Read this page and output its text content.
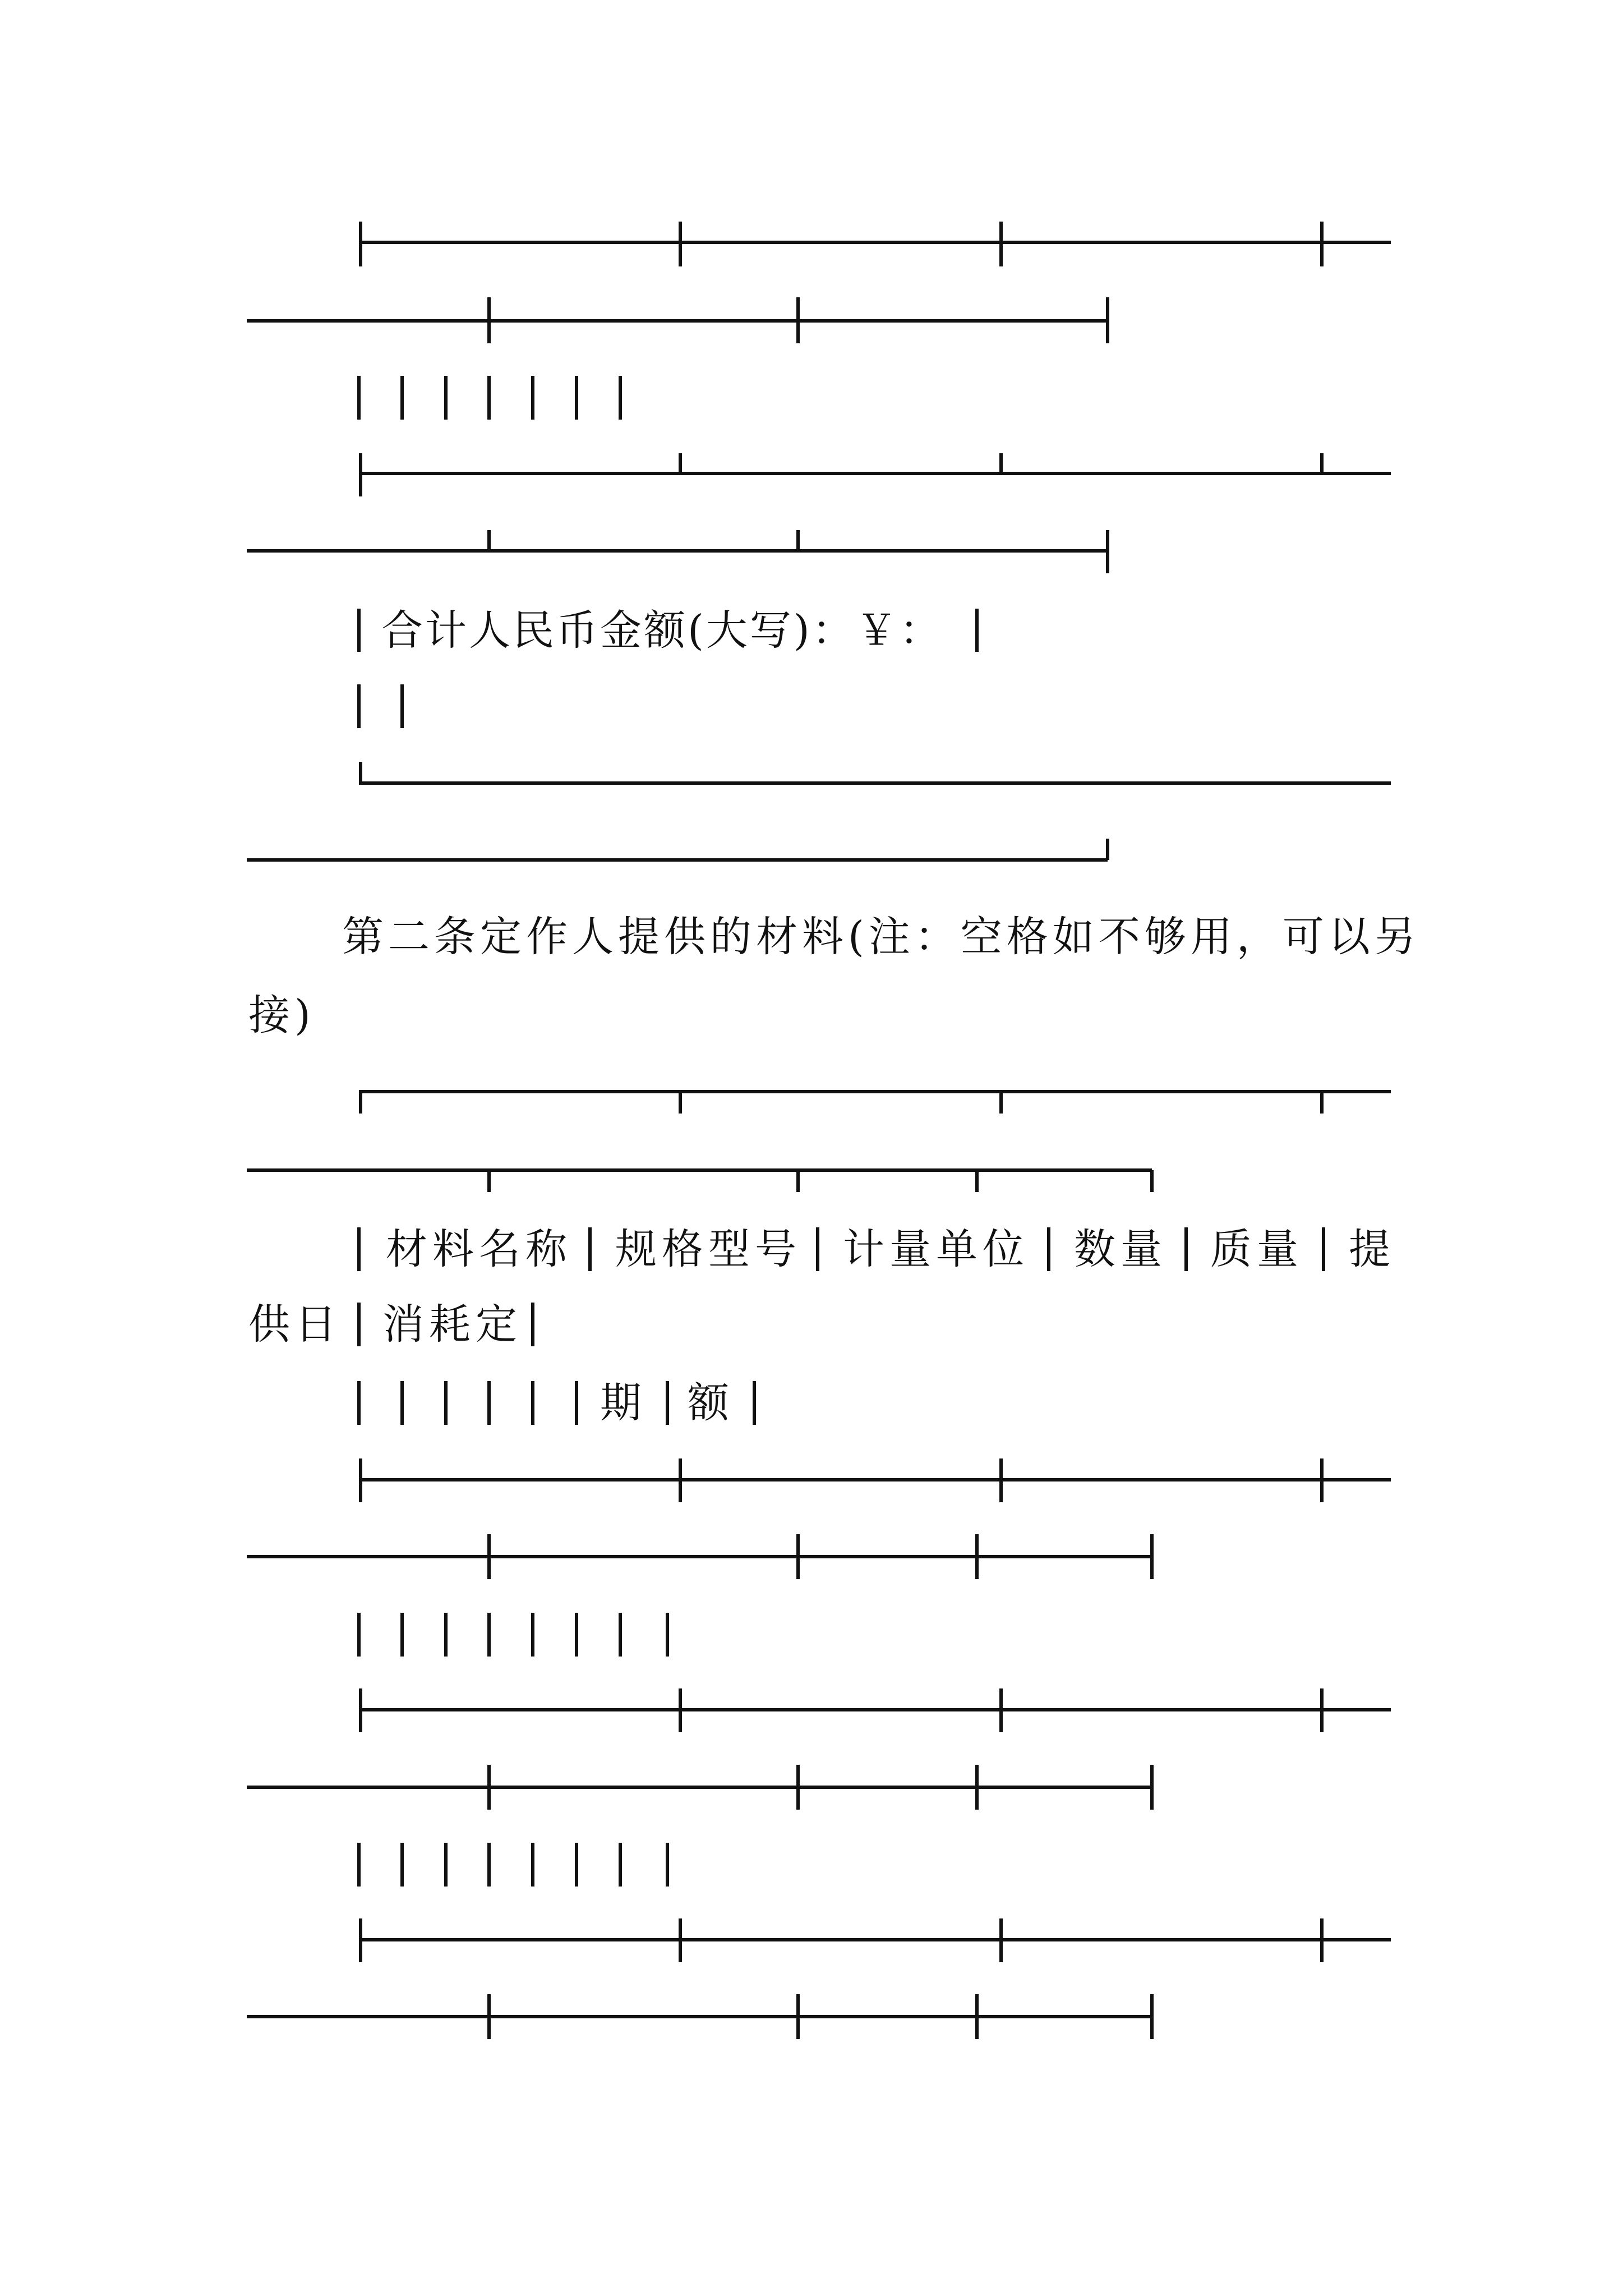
合计人民币金额(大写)：￥：
第二条定作人提供的材料(注：空格如不够用，可以另
接)
材料名称 规格型号 计量单位 数量 质量 提
供日 消耗定
期 额
